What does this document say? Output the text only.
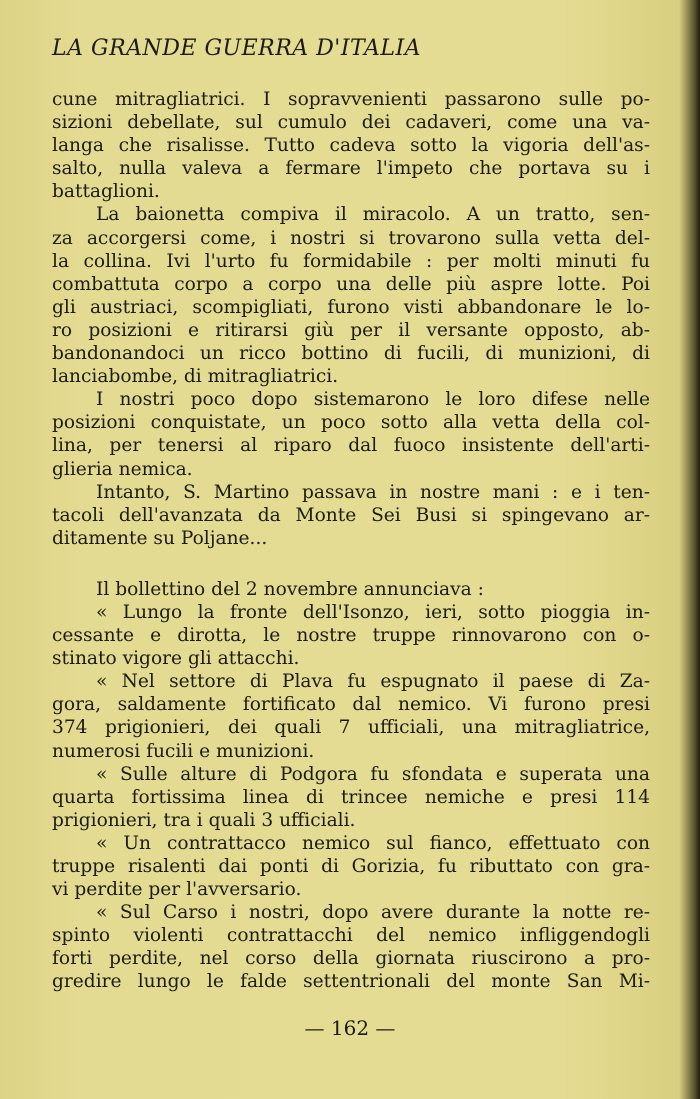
LA GRANDE GUERRA D'ITALIA
cune mitragliatrici. I sopravvenienti passarono sulle po-
sizioni debellate, sul cumulo dei cadaveri, come una va-
langa che risalisse. Tutto cadeva sotto la vigoria dell'as-
salto, nulla valeva a fermare l'impeto che portava su i
battaglioni.
La baionetta compiva il miracolo. A un tratto, sen-
za accorgersi come, i nostri si trovarono sulla vetta del-
la collina. Ivi l'urto fu formidabile : per molti minuti fu
combattuta corpo a corpo una delle più aspre lotte. Poi
gli austriaci, scompigliati, furono visti abbandonare le lo-
ro posizioni e ritirarsi giù per il versante opposto, ab-
bandonandoci un ricco bottino di fucili, di munizioni, di
lanciabombe, di mitragliatrici.
I nostri poco dopo sistemarono le loro difese nelle
posizioni conquistate, un poco sotto alla vetta della col-
lina, per tenersi al riparo dal fuoco insistente dell'arti-
glieria nemica.
Intanto, S. Martino passava in nostre mani : e i ten-
tacoli dell'avanzata da Monte Sei Busi si spingevano ar-
ditamente su Poljane...
Il bollettino del 2 novembre annunciava :
« Lungo la fronte dell'Isonzo, ieri, sotto pioggia in-
cessante e dirotta, le nostre truppe rinnovarono con o-
stinato vigore gli attacchi.
« Nel settore di Plava fu espugnato il paese di Za-
gora, saldamente fortificato dal nemico. Vi furono presi
374 prigionieri, dei quali 7 ufficiali, una mitragliatrice,
numerosi fucili e munizioni.
« Sulle alture di Podgora fu sfondata e superata una
quarta fortissima linea di trincee nemiche e presi 114
prigionieri, tra i quali 3 ufficiali.
« Un contrattacco nemico sul fianco, effettuato con
truppe risalenti dai ponti di Gorizia, fu ributtato con gra-
vi perdite per l'avversario.
« Sul Carso i nostri, dopo avere durante la notte re-
spinto violenti contrattacchi del nemico infliggendogli
forti perdite, nel corso della giornata riuscirono a pro-
gredire lungo le falde settentrionali del monte San Mi-
— 162 —
